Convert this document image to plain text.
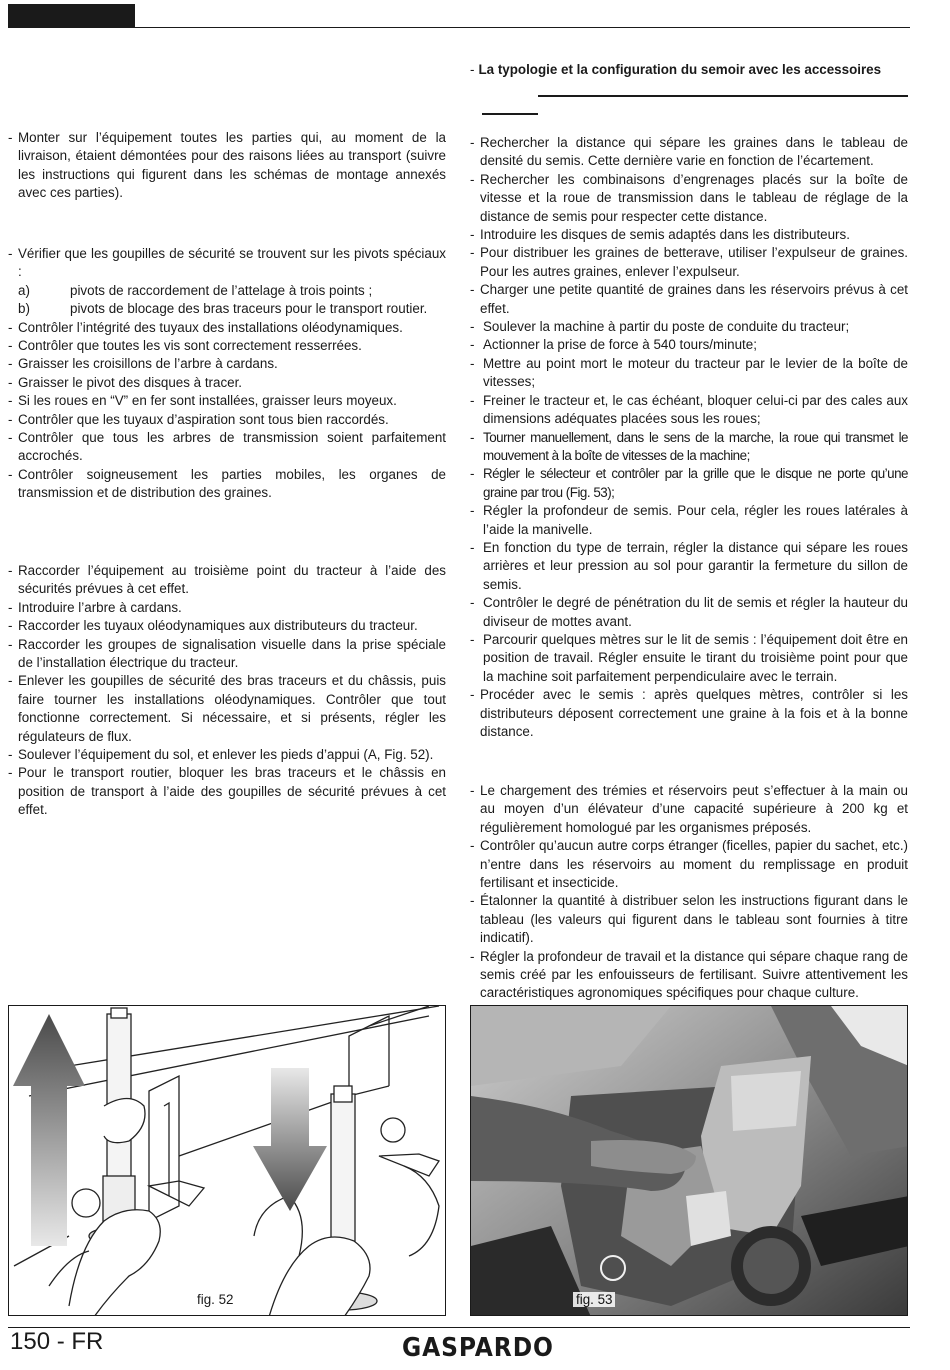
- La typologie et la configuration du semoir avec les accessoires

- Monter sur l’équipement toutes les parties qui, au moment de la livraison, étaient démontées pour des raisons liées au transport (suivre les instructions qui figurent dans les schémas de montage annexés avec ces parties).

- Vérifier que les goupilles de sécurité se trouvent sur les pivots spéciaux :

a)	pivots de raccordement de l’attelage à trois points ;
b)	pivots de blocage des bras traceurs pour le transport routier.

- Contrôler l’intégrité des tuyaux des installations oléodynamiques.

- Contrôler que toutes les vis sont correctement resserrées.

- Graisser les croisillons de l’arbre à cardans.

- Graisser le pivot des disques à tracer.

- Si les roues en “V” en fer sont installées, graisser leurs moyeux.

- Contrôler que les tuyaux d’aspiration sont tous bien raccordés.

- Contrôler que tous les arbres de transmission soient parfaitement accrochés.

- Contrôler soigneusement les parties mobiles, les organes de transmission et de distribution des graines.

- Raccorder l’équipement au troisième point du tracteur à l’aide des sécurités prévues à cet effet.

- Introduire l’arbre à cardans.

- Raccorder les tuyaux oléodynamiques aux distributeurs du tracteur.

- Raccorder les groupes de signalisation visuelle dans la prise spéciale de l’installation électrique du tracteur.

- Enlever les goupilles de sécurité des bras traceurs et du châssis, puis faire tourner les installations oléodynamiques. Contrôler que tout fonctionne correctement. Si nécessaire, et si présents, régler les régulateurs de flux.

- Soulever l’équipement du sol, et enlever les pieds d’appui (A, Fig. 52).

- Pour le transport routier, bloquer les bras traceurs et le châssis en position de transport à l’aide des goupilles de sécurité prévues à cet effet.

- Rechercher la distance qui sépare les graines dans le tableau de densité du semis. Cette dernière varie en fonction de l’écartement.

- Rechercher les combinaisons d’engrenages placés sur la boîte de vitesse et la roue de transmission dans le tableau de réglage de la distance de semis pour respecter cette distance.

- Introduire les disques de semis adaptés dans les distributeurs.

- Pour distribuer les graines de betterave, utiliser l’expulseur de graines. Pour les autres graines, enlever l’expulseur.

- Charger une petite quantité de graines dans les réservoirs prévus à cet effet.

- Soulever la machine à partir du poste de conduite du tracteur;

- Actionner la prise de force à 540 tours/minute;

- Mettre au point mort le moteur du tracteur par le levier de la boîte de vitesses;

- Freiner le tracteur et, le cas échéant, bloquer celui-ci par des cales aux dimensions adéquates placées sous les roues;

- Tourner manuellement, dans le sens de la marche, la roue qui transmet le mouvement à la boîte de vitesses de la machine;

- Régler le sélecteur et contrôler par la grille que le disque ne porte qu’une graine par trou (Fig. 53);

- Régler la profondeur de semis. Pour cela, régler les roues latérales à l’aide la manivelle.

- En fonction du type de terrain, régler la distance qui sépare les roues arrières et leur pression au sol pour garantir la fermeture du sillon de semis.

- Contrôler le degré de pénétration du lit de semis et régler la hauteur du diviseur de mottes avant.

- Parcourir quelques mètres sur le lit de semis : l’équipement doit être en position de travail. Régler ensuite le tirant du troisième point pour que la machine soit parfaitement perpendiculaire avec le terrain.

- Procéder avec le semis : après quelques mètres, contrôler si les distributeurs déposent correctement une graine à la fois et à la bonne distance.

- Le chargement des trémies et réservoirs peut s’effectuer à la main ou au moyen d’un élévateur d’une capacité supérieure à 200 kg et régulièrement homologué par les organismes préposés.

- Contrôler qu’aucun autre corps étranger (ficelles, papier du sachet, etc.) n’entre dans les réservoirs au moment du remplissage en produit fertilisant et insecticide.

- Étalonner la quantité à distribuer selon les instructions figurant dans le tableau (les valeurs qui figurent dans le tableau sont fournies à titre indicatif).

- Régler la profondeur de travail et la distance qui sépare chaque rang de semis créé par les enfouisseurs de fertilisant. Suivre attentivement les caractéristiques agronomiques spécifiques pour chaque culture.

fig. 52	fig. 53
150 - FR	GASPARDO
